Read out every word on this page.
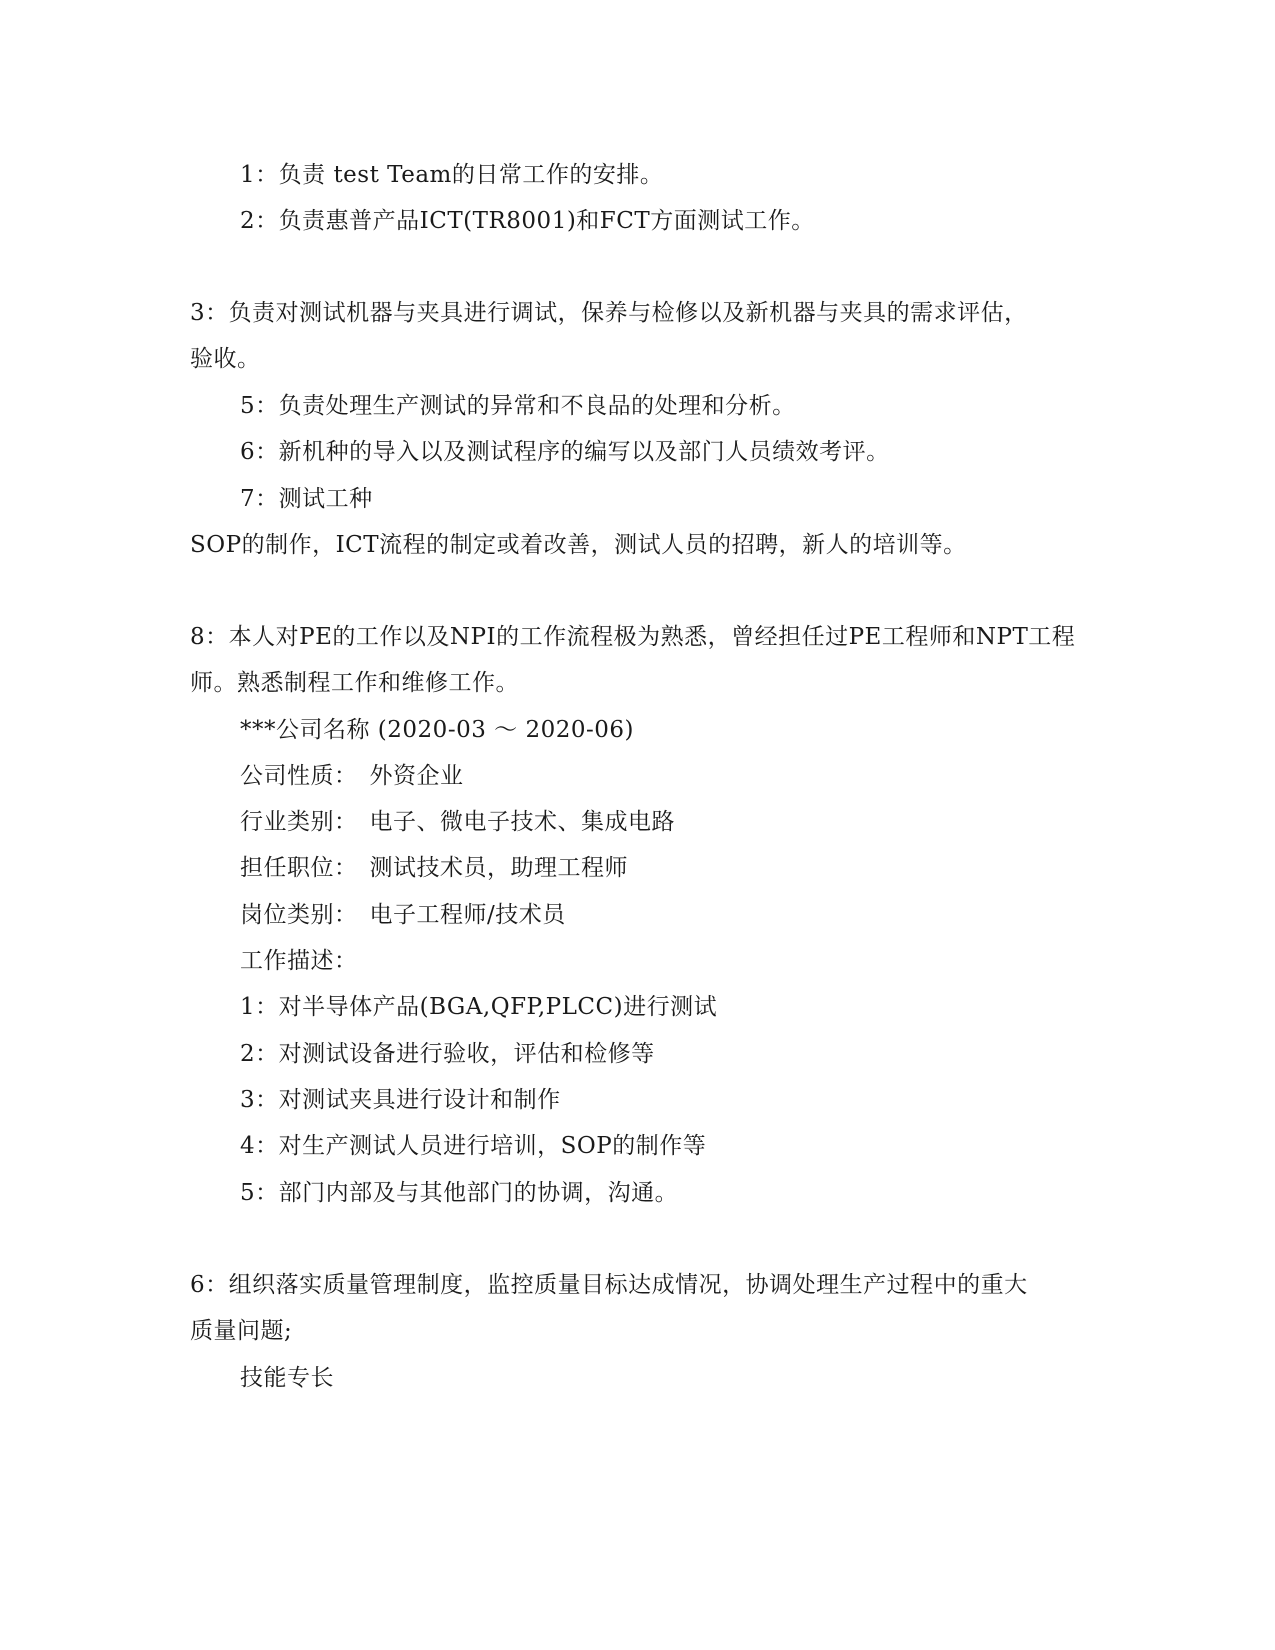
1：负责 test Team的日常工作的安排。
2：负责惠普产品ICT(TR8001)和FCT方面测试工作。
3：负责对测试机器与夹具进行调试，保养与检修以及新机器与夹具的需求评估，
验收。
5：负责处理生产测试的异常和不良品的处理和分析。
6：新机种的导入以及测试程序的编写以及部门人员绩效考评。
7：测试工种
SOP的制作，ICT流程的制定或着改善，测试人员的招聘，新人的培训等。
8：本人对PE的工作以及NPI的工作流程极为熟悉，曾经担任过PE工程师和NPT工程
师。熟悉制程工作和维修工作。
***公司名称 (2020-03 ～ 2020-06)
公司性质：　外资企业
行业类别：　电子、微电子技术、集成电路
担任职位：　测试技术员，助理工程师
岗位类别：　电子工程师/技术员
工作描述：
1：对半导体产品(BGA,QFP,PLCC)进行测试
2：对测试设备进行验收，评估和检修等
3：对测试夹具进行设计和制作
4：对生产测试人员进行培训，SOP的制作等
5：部门内部及与其他部门的协调，沟通。
6：组织落实质量管理制度，监控质量目标达成情况，协调处理生产过程中的重大
质量问题;
技能专长
